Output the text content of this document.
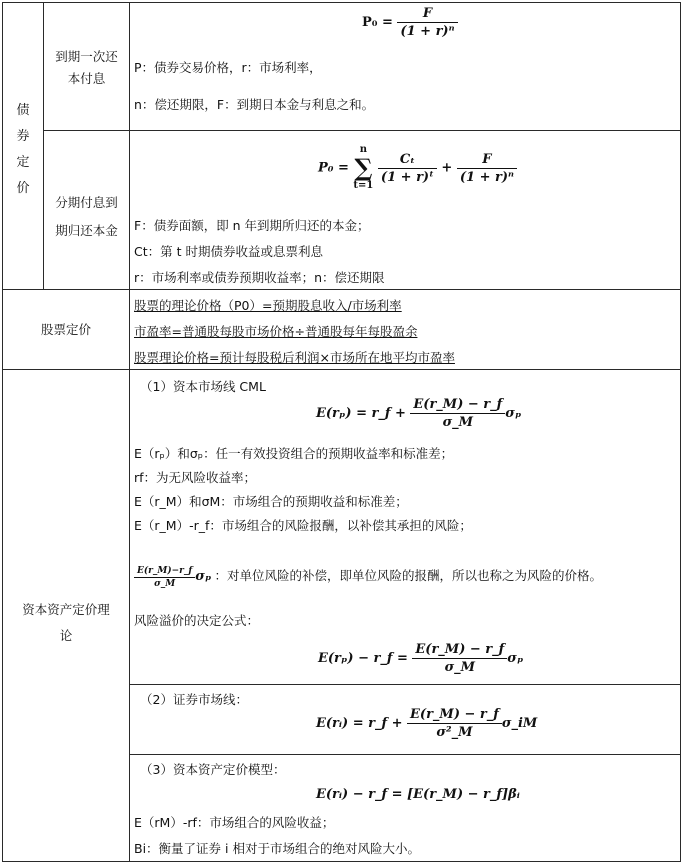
债
券
定
价
到期一次还
本付息
$P_0 = \frac{F}{\text{(1 + r)ⁿ}}$
P：债券交易价格，r：市场利率，
n：偿还期限，F：到期日本金与利息之和。
分期付息到
期归还本金
P₀ =
n
∑
t=1

$\frac{\text{Cₜ}}{\text{(1 + r)ᵗ}} + \frac{F}{\text{(1 + r)ⁿ}}$
F：债券面额，即 n 年到期所归还的本金；
Ct：第 t 时期债券收益或息票利息
r：市场利率或债券预期收益率；n：偿还期限
股票定价
股票的理论价格（P0）=预期股息收入/市场利率
市盈率=普通股每股市场价格÷普通股每年每股盈余
股票理论价格=预计每股税后利润×市场所在地平均市盈率
资本资产定价理
论
（1）资本市场线 CML
E(rₚ) = r_f + $\frac{E(r\_M) - r\_f}{\sigma\_M}$ σₚ
E（rₚ）和σₚ：任一有效投资组合的预期收益率和标准差；
rf：为无风险收益率；
E（r_M）和σM：市场组合的预期收益和标准差；
E（r_M）-r_f：市场组合的风险报酬，以补偿其承担的风险；
$\frac{E(r\_M)-r\_f}{\sigma\_M}$ σₚ ：对单位风险的补偿，即单位风险的报酬，所以也称之为风险的价格。
风险溢价的决定公式：
E(rₚ) − r_f = $\frac{E(r\_M) - r\_f}{\sigma\_M}$ σₚ
（2）证券市场线：
E(rᵢ) = r_f + $\frac{E(r\_M) - r\_f}{\text{σ²\_M}}$ σ_iM
（3）资本资产定价模型：
E(rᵢ) − r_f = [E(r_M) − r_f]βᵢ
E（rM）-rf：市场组合的风险收益；
Bi：衡量了证券 i 相对于市场组合的绝对风险大小。
